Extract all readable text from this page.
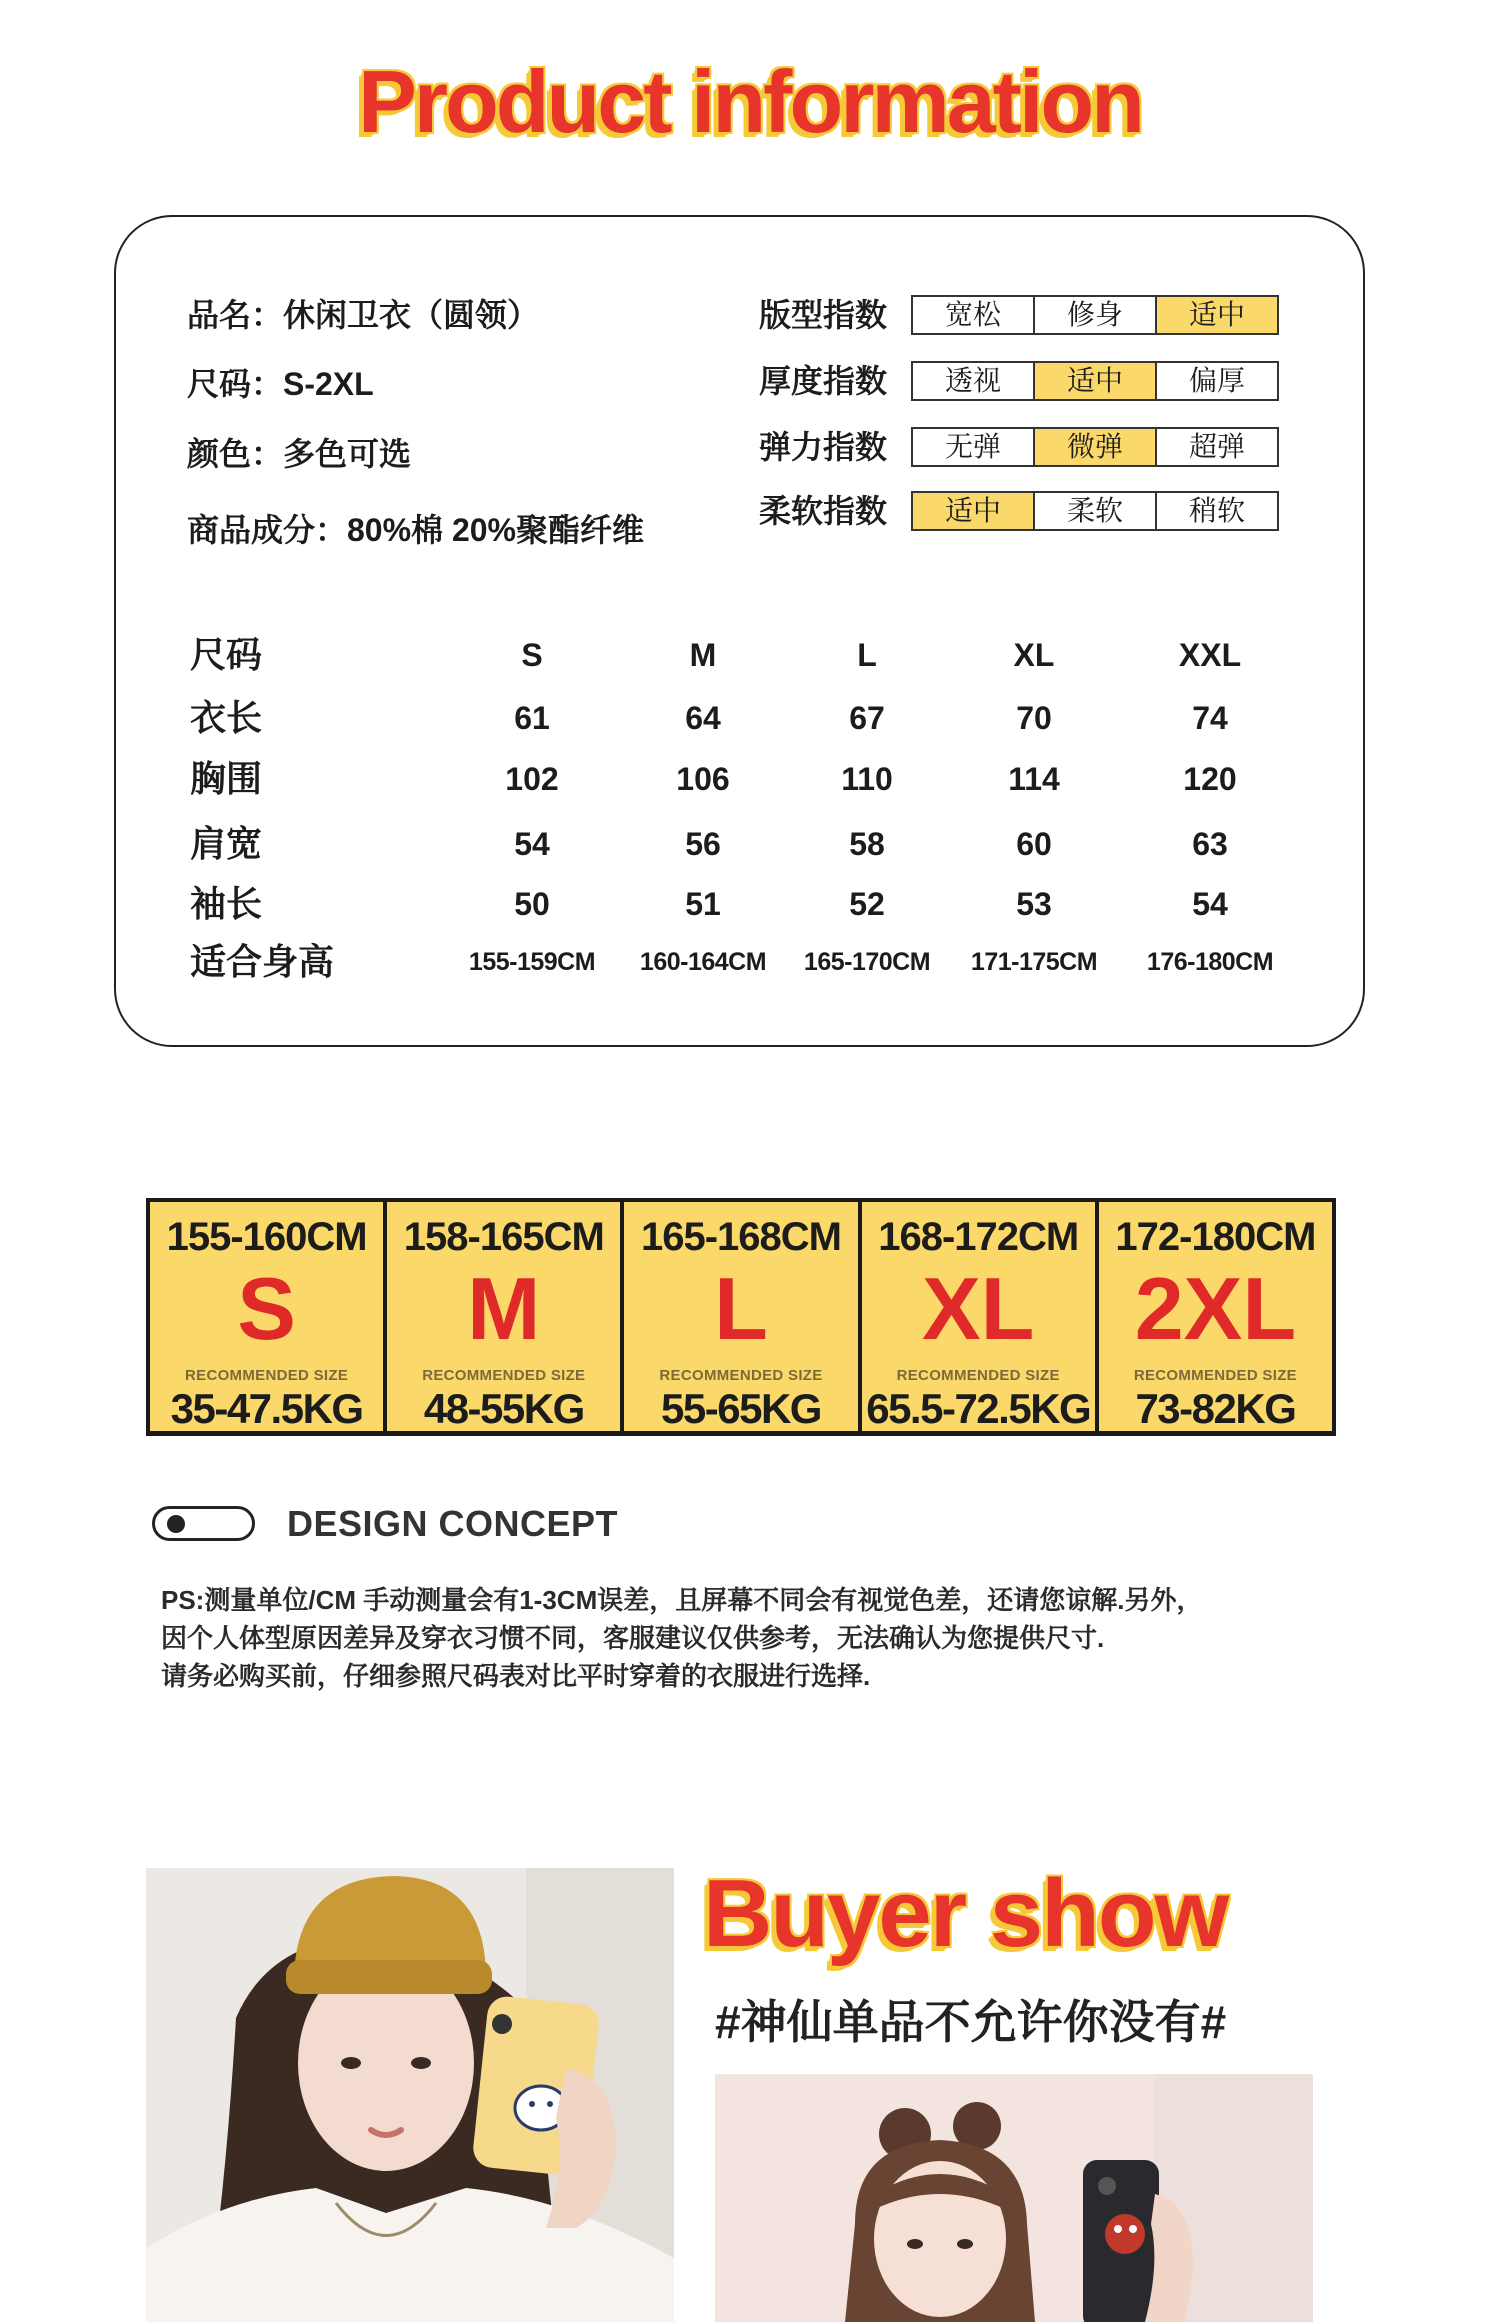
Product information
品名：休闲卫衣（圆领）
尺码：S-2XL
颜色：多色可选
商品成分：80%棉 20%聚酯纤维
版型指数	宽松	修身	适中
厚度指数	透视	适中	偏厚
弹力指数	无弹	微弹	超弹
柔软指数	适中	柔软	稍软
尺码	S	M	L	XL	XXL
衣长	61	64	67	70	74
胸围	102	106	110	114	120
肩宽	54	56	58	60	63
袖长	50	51	52	53	54
适合身高	155-159CM	160-164CM	165-170CM	171-175CM	176-180CM
155-160CM
S
RECOMMENDED SIZE
35-47.5KG
158-165CM
M
RECOMMENDED SIZE
48-55KG
165-168CM
L
RECOMMENDED SIZE
55-65KG
168-172CM
XL
RECOMMENDED SIZE
65.5-72.5KG
172-180CM
2XL
RECOMMENDED SIZE
73-82KG
DESIGN CONCEPT
PS:测量单位/CM 手动测量会有1-3CM误差，且屏幕不同会有视觉色差，还请您谅解.另外，
因个人体型原因差异及穿衣习惯不同，客服建议仅供参考，无法确认为您提供尺寸.
请务必购买前，仔细参照尺码表对比平时穿着的衣服进行选择.
Buyer show
#神仙单品不允许你没有#
